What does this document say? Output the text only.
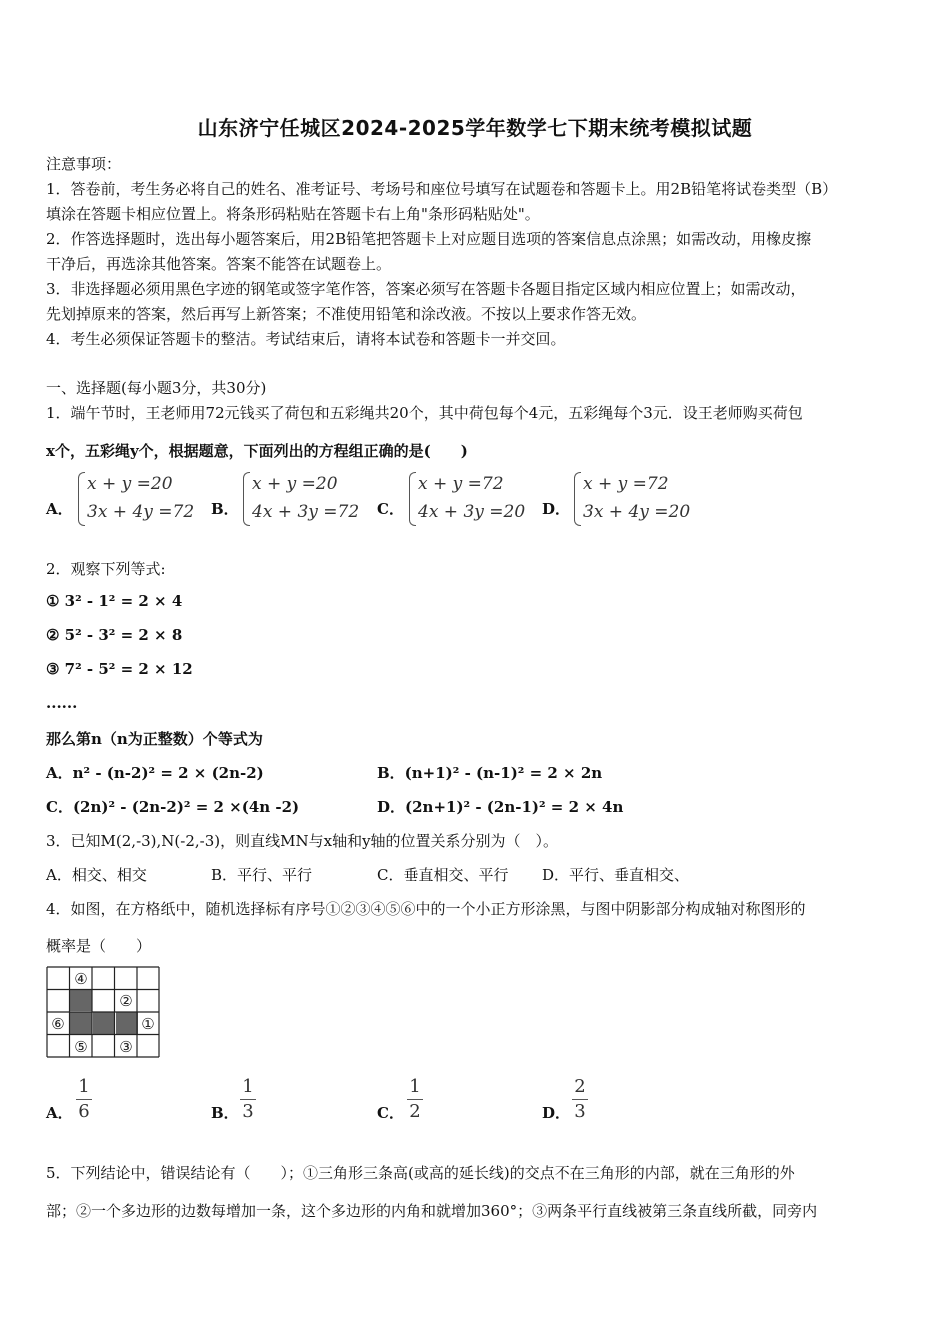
山东济宁任城区2024-2025学年数学七下期末统考模拟试题
注意事项：
1．答卷前，考生务必将自己的姓名、准考证号、考场号和座位号填写在试题卷和答题卡上。用2B铅笔将试卷类型（B）
填涂在答题卡相应位置上。将条形码粘贴在答题卡右上角"条形码粘贴处"。
2．作答选择题时，选出每小题答案后，用2B铅笔把答题卡上对应题目选项的答案信息点涂黑；如需改动，用橡皮擦
干净后，再选涂其他答案。答案不能答在试题卷上。
3．非选择题必须用黑色字迹的钢笔或签字笔作答，答案必须写在答题卡各题目指定区域内相应位置上；如需改动，
先划掉原来的答案，然后再写上新答案；不准使用铅笔和涂改液。不按以上要求作答无效。
4．考生必须保证答题卡的整洁。考试结束后，请将本试卷和答题卡一并交回。
一、选择题(每小题3分，共30分)
1．端午节时，王老师用72元钱买了荷包和五彩绳共20个，其中荷包每个4元，五彩绳每个3元．设王老师购买荷包
x个，五彩绳y个，根据题意，下面列出的方程组正确的是(　　)
A．
x + y =20
3x + 4y =72 B．
x + y =20
4x + 3y =72 C．
x + y =72
4x + 3y =20 D．
x + y =72
3x + 4y =20
2．观察下列等式:
① 3² - 1² = 2 × 4
② 5² - 3² = 2 × 8
③ 7² - 5² = 2 × 12
......
那么第n（n为正整数）个等式为
A．n² - (n-2)² = 2 × (2n-2)	B．(n+1)² - (n-1)² = 2 × 2n
C．(2n)² - (2n-2)² = 2 ×(4n -2)	D．(2n+1)² - (2n-1)² = 2 × 4n
3．已知M(2,-3),N(-2,-3)，则直线MN与x轴和y轴的位置关系分别为（　）。
A．相交、相交	B．平行、平行	C．垂直相交、平行 D．平行、垂直相交、
4．如图，在方格纸中，随机选择标有序号①②③④⑤⑥中的一个小正方形涂黑，与图中阴影部分构成轴对称图形的
概率是（　　）
④
②
⑥	①
⑤ ③
A．
1
6	B．
1
3	C．
1
2	D．
2
3
5．下列结论中，错误结论有（　　）；①三角形三条高(或高的延长线)的交点不在三角形的内部，就在三角形的外
部；②一个多边形的边数每增加一条，这个多边形的内角和就增加360°；③两条平行直线被第三条直线所截，同旁内
